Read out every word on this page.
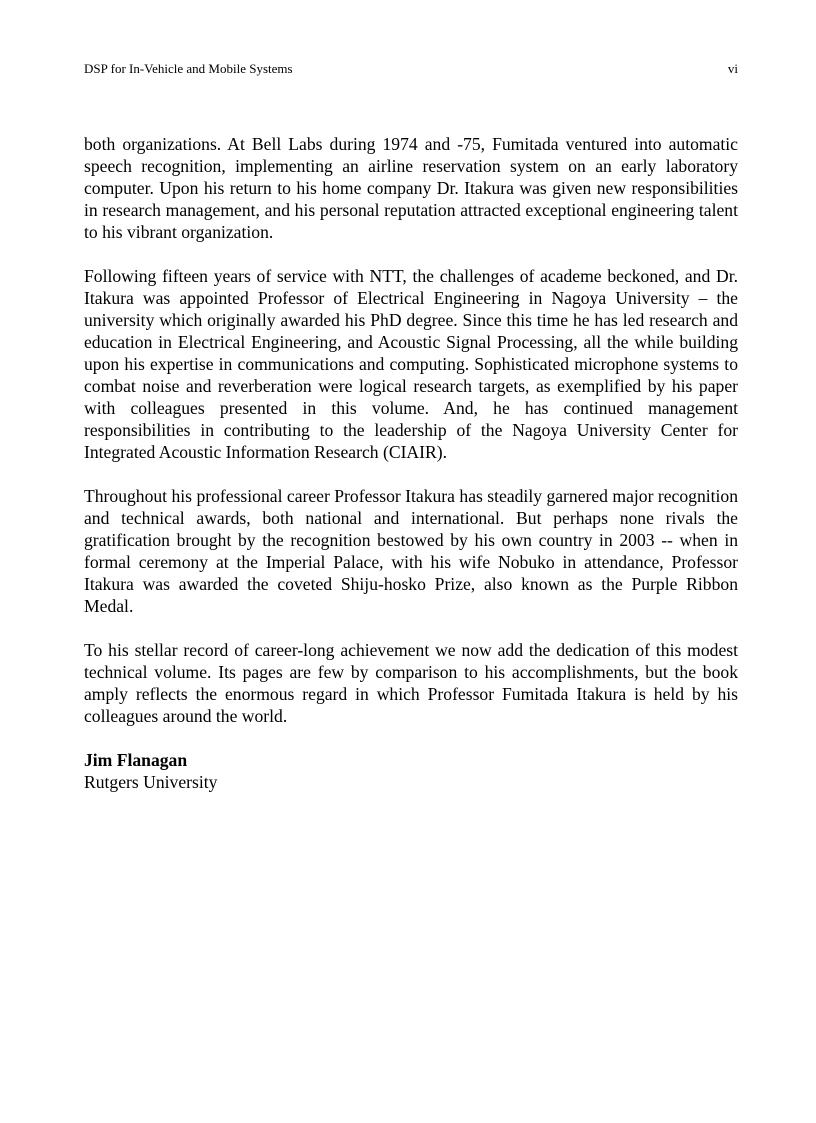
DSP for In-Vehicle and Mobile Systems	vi

both organizations. At Bell Labs during 1974 and -75, Fumitada ventured into automatic speech recognition, implementing an airline reservation system on an early laboratory computer. Upon his return to his home company Dr. Itakura was given new responsibilities in research management, and his personal reputation attracted exceptional engineering talent to his vibrant organization.

Following fifteen years of service with NTT, the challenges of academe beckoned, and Dr. Itakura was appointed Professor of Electrical Engineering in Nagoya University – the university which originally awarded his PhD degree. Since this time he has led research and education in Electrical Engineering, and Acoustic Signal Processing, all the while building upon his expertise in communications and computing. Sophisticated microphone systems to combat noise and reverberation were logical research targets, as exemplified by his paper with colleagues presented in this volume. And, he has continued management responsibilities in contributing to the leadership of the Nagoya University Center for Integrated Acoustic Information Research (CIAIR).

Throughout his professional career Professor Itakura has steadily garnered major recognition and technical awards, both national and international. But perhaps none rivals the gratification brought by the recognition bestowed by his own country in 2003 -- when in formal ceremony at the Imperial Palace, with his wife Nobuko in attendance, Professor Itakura was awarded the coveted Shiju-hosko Prize, also known as the Purple Ribbon Medal.

To his stellar record of career-long achievement we now add the dedication of this modest technical volume. Its pages are few by comparison to his accomplishments, but the book amply reflects the enormous regard in which Professor Fumitada Itakura is held by his colleagues around the world.

Jim Flanagan
Rutgers University
